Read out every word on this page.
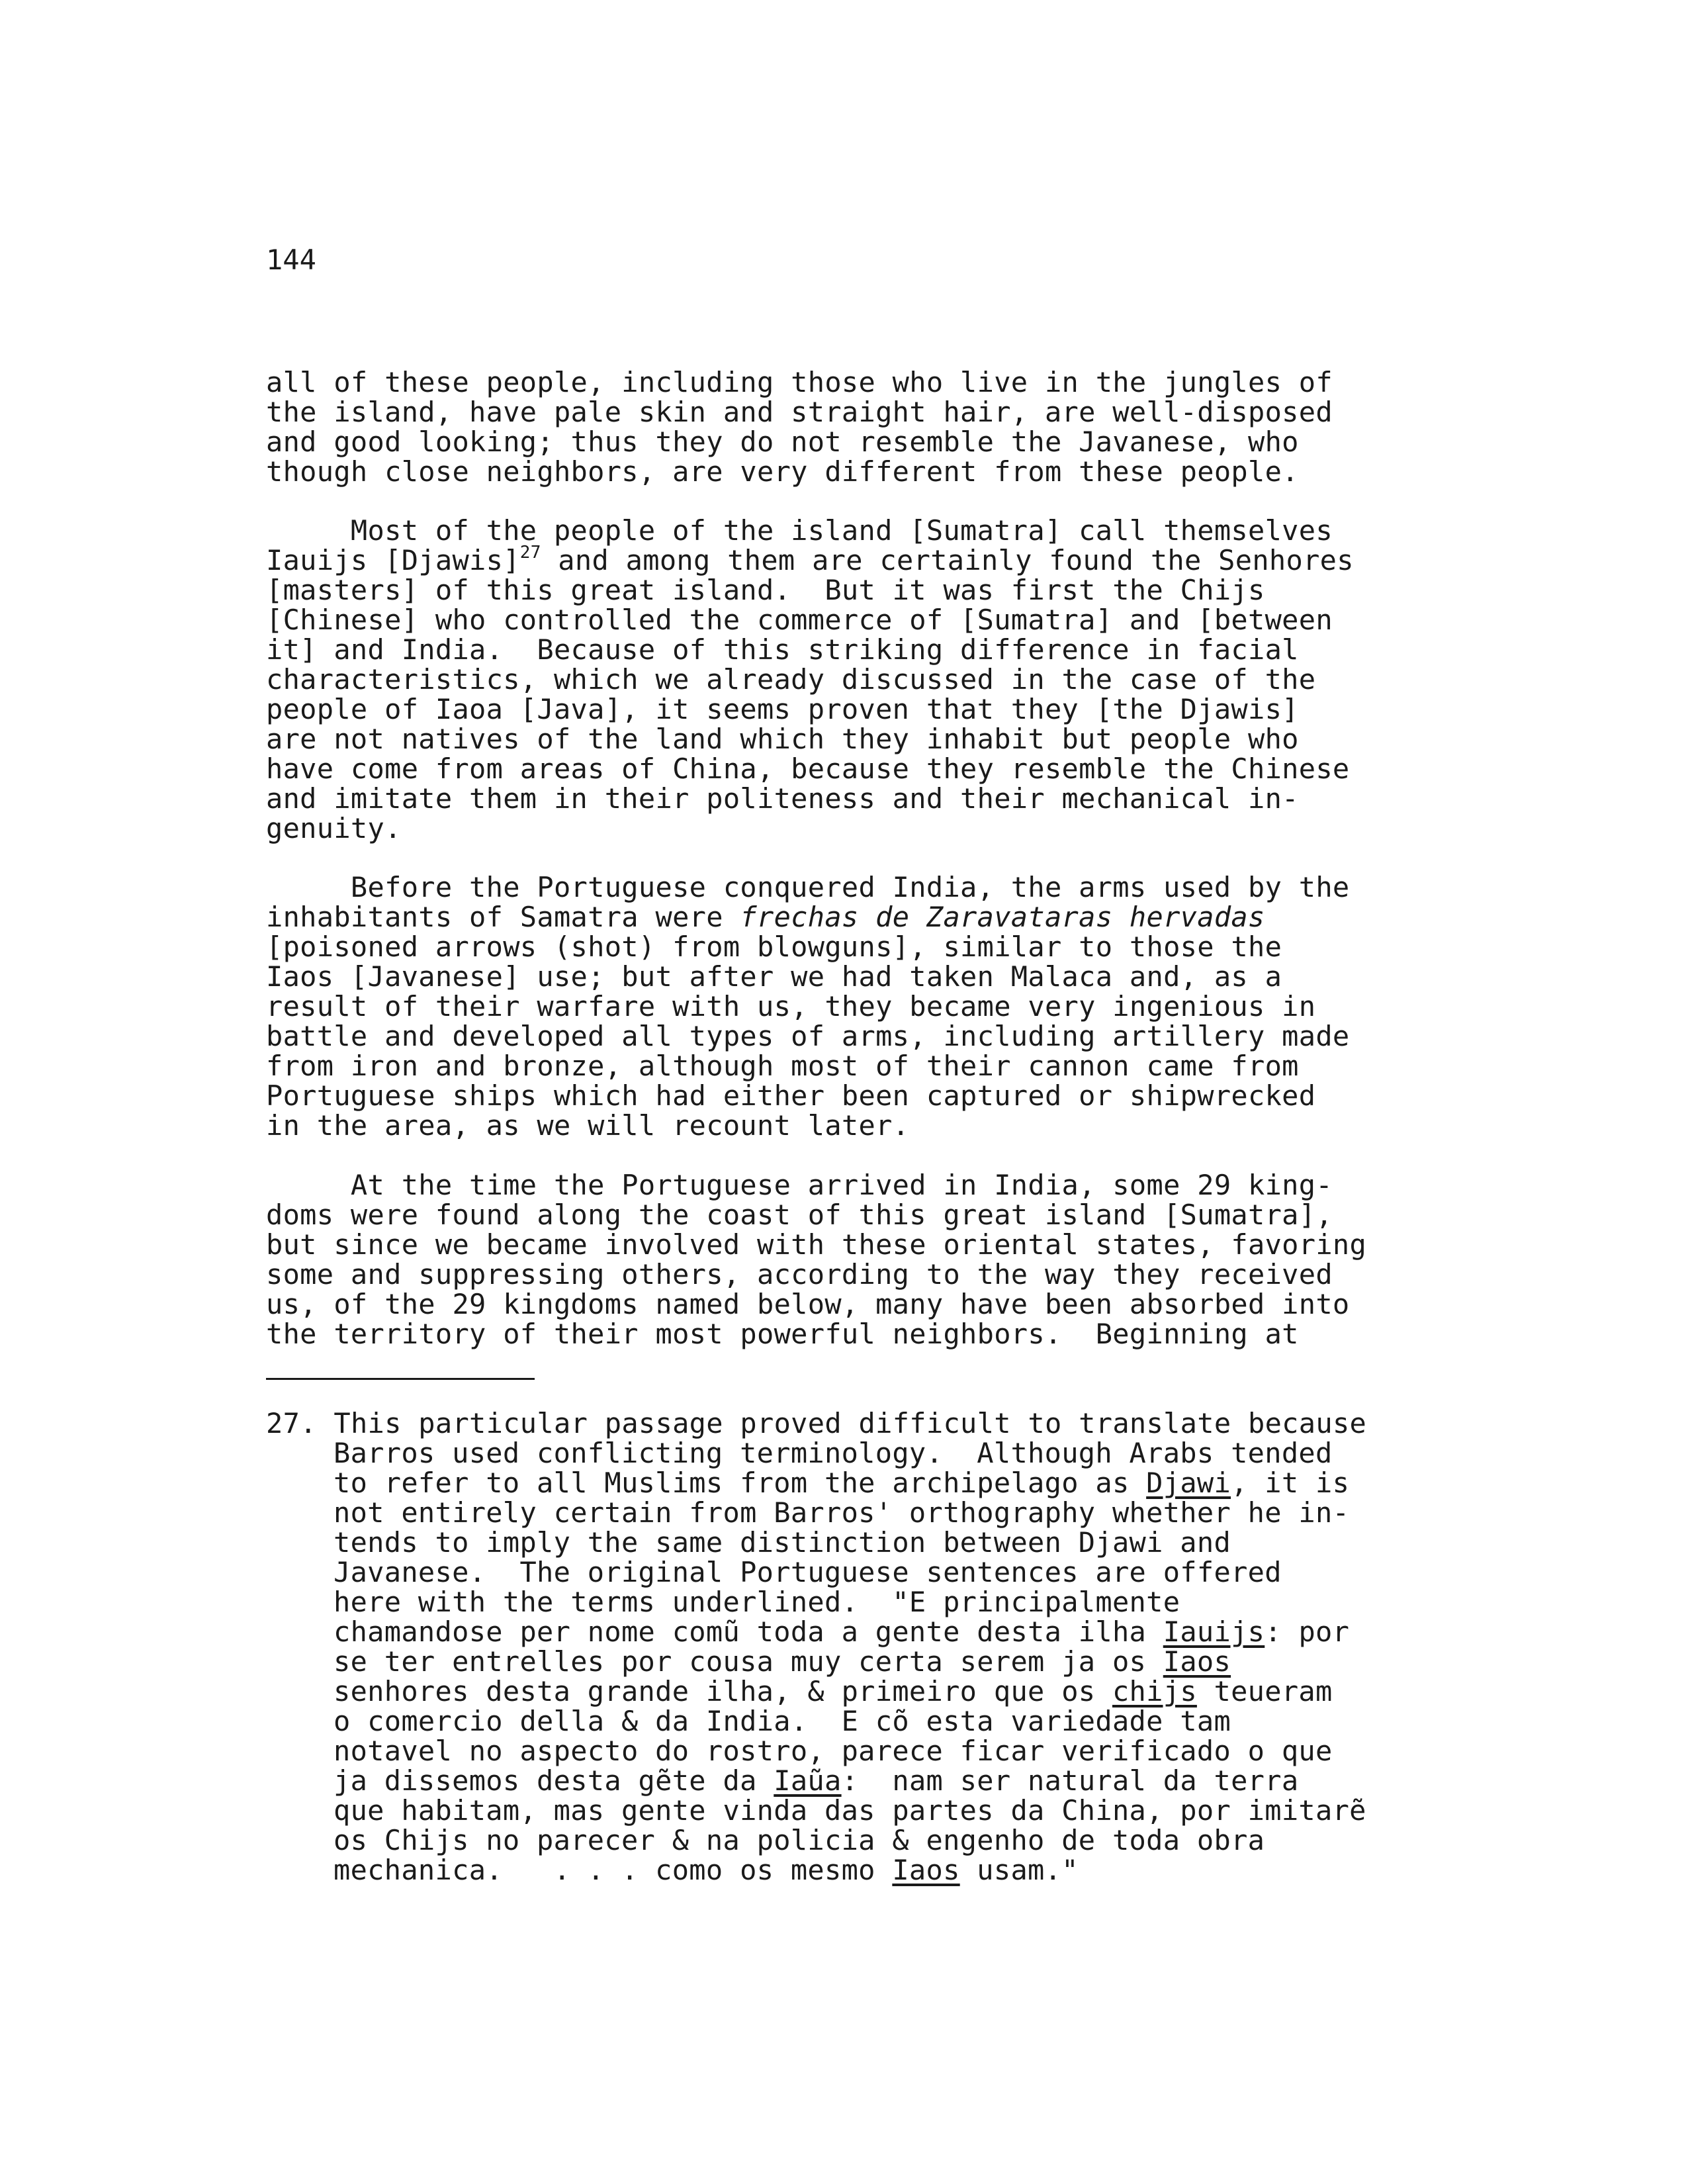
144
all of these people, including those who live in the jungles of
the island, have pale skin and straight hair, are well-disposed
and good looking; thus they do not resemble the Javanese, who
though close neighbors, are very different from these people.
Most of the people of the island [Sumatra] call themselves
Iauijs [Djawis]$^{27}$ and among them are certainly found the Senhores
[masters] of this great island.  But it was first the Chijs
[Chinese] who controlled the commerce of [Sumatra] and [between
it] and India.  Because of this striking difference in facial
characteristics, which we already discussed in the case of the
people of Iaoa [Java], it seems proven that they [the Djawis]
are not natives of the land which they inhabit but people who
have come from areas of China, because they resemble the Chinese
and imitate them in their politeness and their mechanical in-
genuity.
Before the Portuguese conquered India, the arms used by the
inhabitants of Samatra were frechas de Zaravataras hervadas
[poisoned arrows (shot) from blowguns], similar to those the
Iaos [Javanese] use; but after we had taken Malaca and, as a
result of their warfare with us, they became very ingenious in
battle and developed all types of arms, including artillery made
from iron and bronze, although most of their cannon came from
Portuguese ships which had either been captured or shipwrecked
in the area, as we will recount later.
At the time the Portuguese arrived in India, some 29 king-
doms were found along the coast of this great island [Sumatra],
but since we became involved with these oriental states, favoring
some and suppressing others, according to the way they received
us, of the 29 kingdoms named below, many have been absorbed into
the territory of their most powerful neighbors.  Beginning at
27. This particular passage proved difficult to translate because
Barros used conflicting terminology.  Although Arabs tended
to refer to all Muslims from the archipelago as Djawi, it is
not entirely certain from Barros' orthography whether he in-
tends to imply the same distinction between Djawi and
Javanese.  The original Portuguese sentences are offered
here with the terms underlined.  "E principalmente
chamandose per nome comũ toda a gente desta ilha Iauijs: por
se ter entrelles por cousa muy certa serem ja os Iaos
senhores desta grande ilha, & primeiro que os chijs teueram
o comercio della & da India.  E cõ esta variedade tam
notavel no aspecto do rostro, parece ficar verificado o que
ja dissemos desta gẽte da Iaũa:  nam ser natural da terra
que habitam, mas gente vinda das partes da China, por imitarẽ
os Chijs no parecer & na policia & engenho de toda obra
mechanica.   . . . como os mesmo Iaos usam."
